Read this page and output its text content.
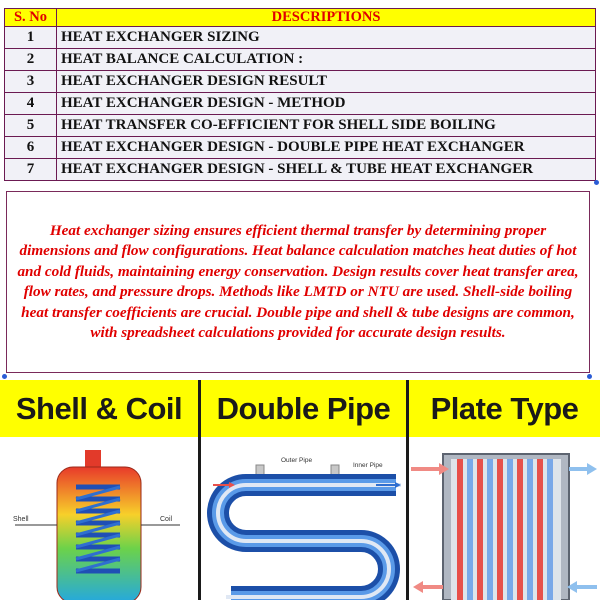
S. No	DESCRIPTIONS
1	HEAT EXCHANGER SIZING
2	HEAT BALANCE CALCULATION :
3	HEAT EXCHANGER DESIGN RESULT
4	HEAT EXCHANGER DESIGN - METHOD
5	HEAT TRANSFER CO-EFFICIENT FOR SHELL SIDE BOILING
6	HEAT EXCHANGER DESIGN - DOUBLE PIPE HEAT EXCHANGER
7	HEAT EXCHANGER DESIGN - SHELL & TUBE HEAT EXCHANGER
Heat exchanger sizing ensures efficient thermal transfer by determining proper dimensions and flow configurations. Heat balance calculation matches heat duties of hot and cold fluids, maintaining energy conservation. Design results cover heat transfer area, flow rates, and pressure drops. Methods like LMTD or NTU are used. Shell-side boiling heat transfer coefficients are crucial. Double pipe and shell & tube designs are common, with spreadsheet calculations provided for accurate design results.
Shell & Coil
Shell	Coil
Double Pipe
Outer Pipe
Inner Pipe
Plate Type
